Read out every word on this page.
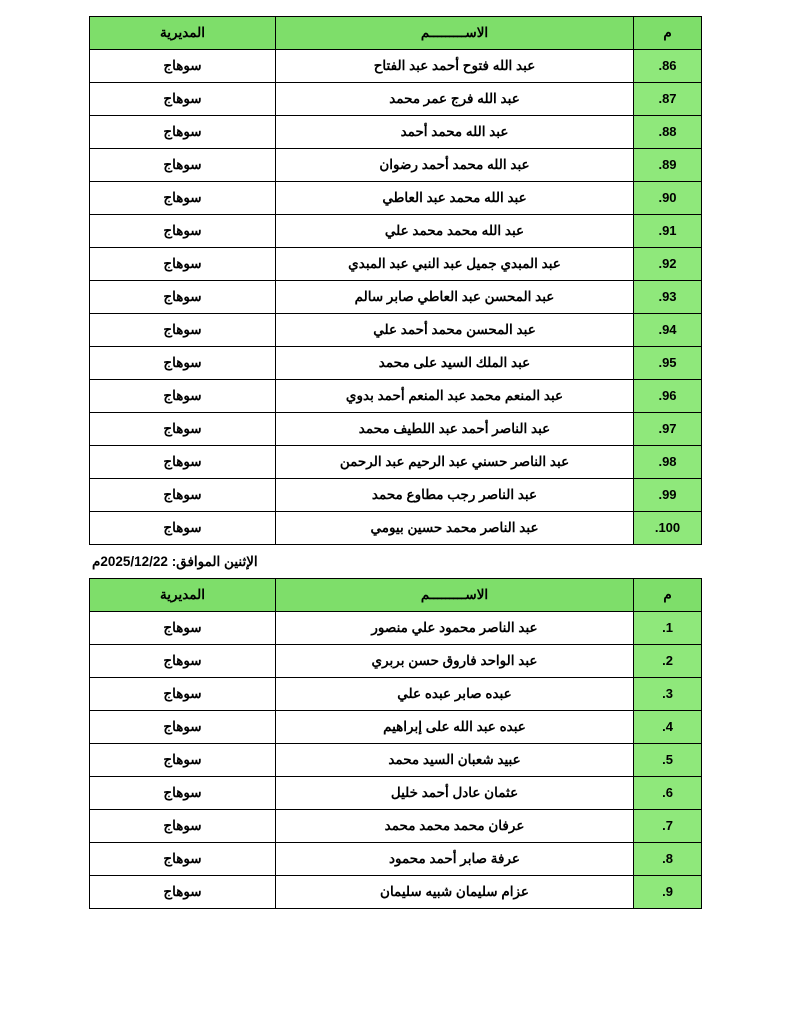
م	الاســـــــــم	المديرية
86.	عبد الله فتوح أحمد عبد الفتاح	سوهاج
87.	عبد الله فرج عمر محمد	سوهاج
88.	عبد الله محمد أحمد	سوهاج
89.	عبد الله محمد أحمد رضوان	سوهاج
90.	عبد الله محمد عبد العاطي	سوهاج
91.	عبد الله محمد محمد علي	سوهاج
92.	عبد المبدي جميل عبد النبي عبد المبدي	سوهاج
93.	عبد المحسن عبد العاطي صابر سالم	سوهاج
94.	عبد المحسن محمد أحمد علي	سوهاج
95.	عبد الملك السيد على محمد	سوهاج
96.	عبد المنعم محمد عبد المنعم أحمد بدوي	سوهاج
97.	عبد الناصر أحمد عبد اللطيف محمد	سوهاج
98.	عبد الناصر حسني عبد الرحيم عبد الرحمن	سوهاج
99.	عبد الناصر رجب مطاوع محمد	سوهاج
100.	عبد الناصر محمد حسين بيومي	سوهاج
الإثنين الموافق: 2025/12/22م
م	الاســـــــــم	المديرية
1.	عبد الناصر محمود علي منصور	سوهاج
2.	عبد الواحد فاروق حسن بربري	سوهاج
3.	عبده صابر عبده علي	سوهاج
4.	عبده عبد الله على إبراهيم	سوهاج
5.	عبيد شعبان السيد محمد	سوهاج
6.	عثمان عادل أحمد خليل	سوهاج
7.	عرفان محمد محمد محمد	سوهاج
8.	عرفة صابر أحمد محمود	سوهاج
9.	عزام سليمان شبيه سليمان	سوهاج
